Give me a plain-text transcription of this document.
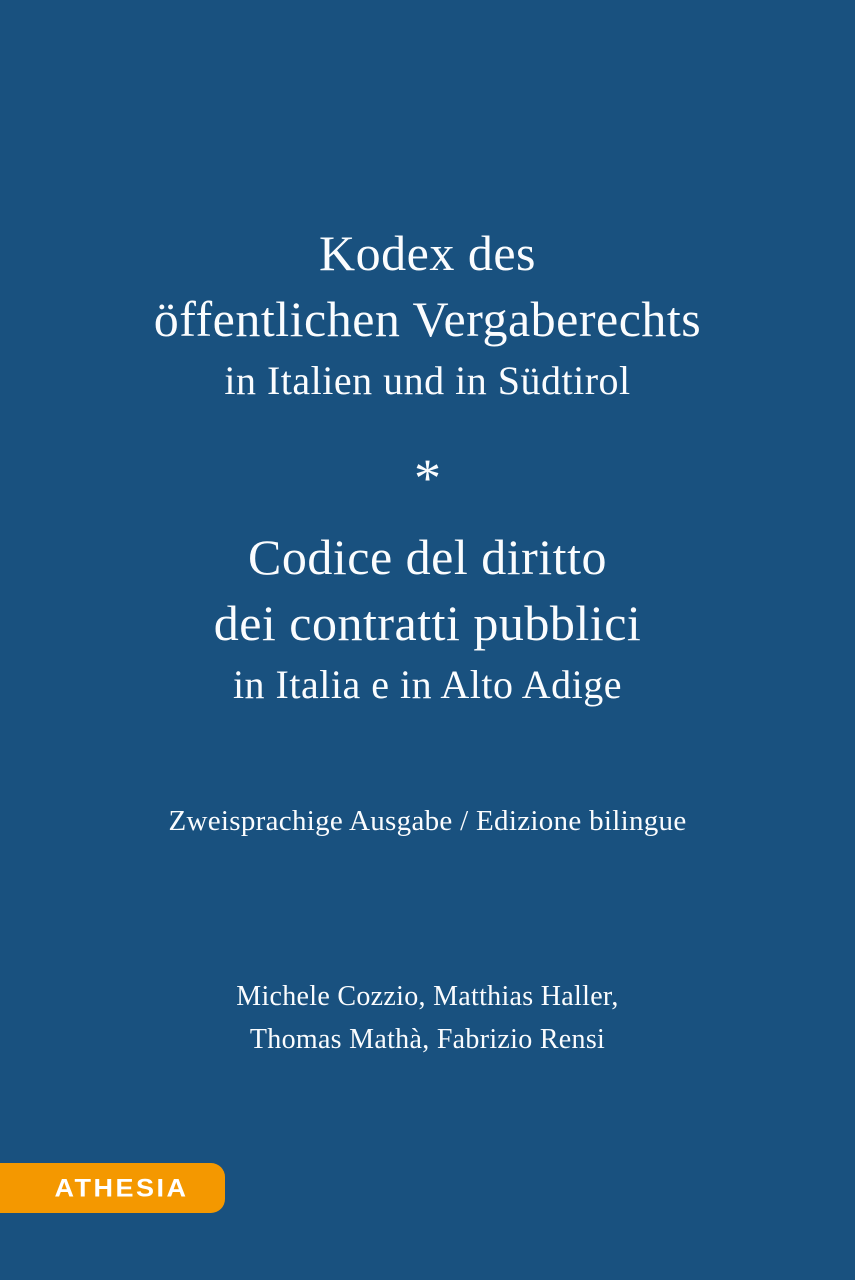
Kodex des
öffentlichen Vergaberechts
in Italien und in Südtirol
*
Codice del diritto
dei contratti pubblici
in Italia e in Alto Adige
Zweisprachige Ausgabe / Edizione bilingue
Michele Cozzio, Matthias Haller,
Thomas Mathà, Fabrizio Rensi
ATHESIA
